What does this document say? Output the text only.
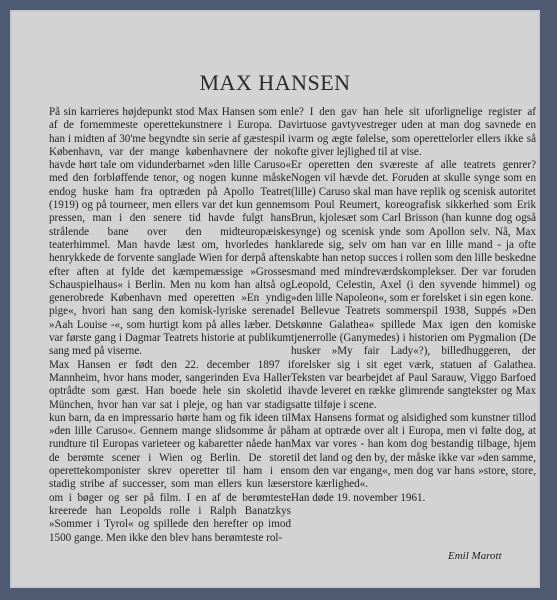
MAX HANSEN

På sin karrieres højdepunkt stod Max Hansen som en af de fornemmeste operettekunstnere i Europa. Da han i midten af 30'me begyndte sin serie af gæstespil i København, var der mange københavnere der nok havde hørt tale om vidunderbarnet »den lille Caruso« med den forbløffende tenor, og nogen kunne måske endog huske ham fra optræden på Apollo Teatret (1919) og på tourneer, men ellers var det kun gennem pressen, man i den senere tid havde fulgt hans strålende bane over den midteuropæiske teaterhimmel. Man havde læst om, hvorledes han henrykkede de forvente sanglade Wien for derpå aften efter aften at fylde det kæmpemæssige »Grosses Schauspielhaus« i Berlin. Men nu kom han altså og generobrede København med operetten »En yndig pige«, hvori han sang den komisk-lyriske serenade »Aah Louise -«, som hurtigt kom på alles læber. Det var første gang i Dagmar Teatrets historie at publikum sang med på viserne.

Max Hansen er født den 22. december 1897 i Mannheim, hvor hans moder, sangerinden Eva Haller optrådte som gæst. Han boede hele sin skoletid i München, hvor han var sat i pleje, og han var stadig kun barn, da en impressario hørte ham og fik ideen til »den lille Caruso«. Gennem mange slidsomme år på rundture til Europas varieteer og kabaretter nåede han de berømte scener i Wien og Berlin. De store operettekomponister skrev operetter til ham i en stadig stribe af successer, som man ellers kun læser om i bøger og ser på film. I en af de berømteste kreerede han Leopolds rolle i Ralph Banatzkys »Sommer i Tyrol« og spillede den herefter op imod 1500 gange. Men ikke den blev hans berømteste rol-

le? I den gav han hele sit uforlignelige register af virtuose gavtyvestreger uden at man dog savnede en varm og ægte følelse, som operettelorler ellers ikke så ofte giver lejlighed til at vise.

Er operetten den sværeste af alle teatrets genrer? Nogen vil hævde det. Foruden at skulle synge som en (lille) Caruso skal man have replik og scenisk autoritet som Poul Reumert, koreografisk sikkerhed som Erik Brun, kjolesæt som Carl Brisson (han kunne dog også synge) og scenisk ynde som Apollon selv. Nå, Max klarede sig, selv om han var en lille mand - ja ofte skabte han netop succes i rollen som den lille beskedne mand med mindreværdskomplekser. Der var foruden Leopold, Celestin, Axel (i den syvende himmel) og »den lille Napoleon«, som er forelsket i sin egen kone.

I Bellevue Teatrets sommerspil 1938, Suppés »Den skønne Galathea« spillede Max igen den komiske tjenerrolle (Ganymedes) i historien om Pygmalion (De husker »My fair Lady«?), billedhuggeren, der forelsker sig i sit eget værk, statuen af Galathea. Teksten var bearbejdet af Paul Sarauw, Viggo Barfoed havde leveret en række glimrende sangtekster og Max satte tilføje i scene.

Max Hansens format og alsidighed som kunstner tillod ham at optræde over alt i Europa, men vi følte dog, at Max var vores - han kom dog bestandig tilbage, hjem til det land og den by, der måske ikke var »den samme, som den var engang«, men dog var hans »store, store, store kærlighed«.

Han døde 19. november 1961.

Emil Marott
